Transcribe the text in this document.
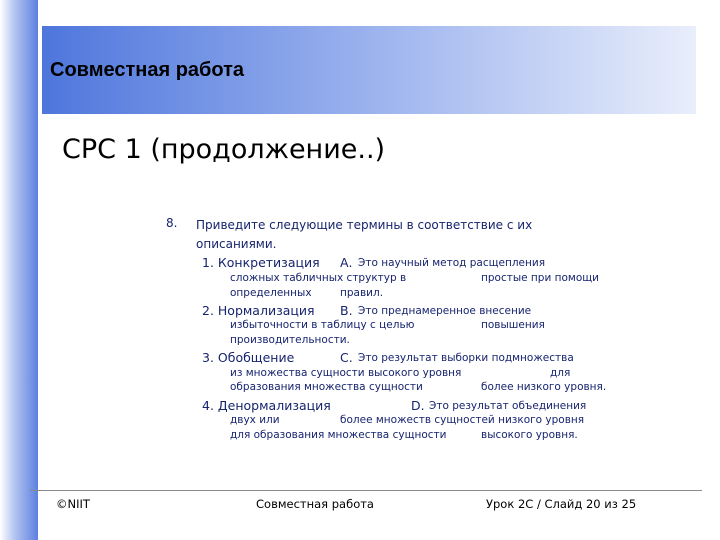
Совместная работа
СРС 1 (продолжение..)
8. Приведите следующие термины в соответствие с их описаниями.
1. Конкретизация А. Это научный метод расщепления
сложных табличных структур в	простые при помощи
определенных	правил.
2. Нормализация В. Это преднамеренное внесение
избыточности в таблицу с целью	повышения
производительности.
3. Обобщение	С. Это результат выборки подмножества
из множества сущности высокого уровня	для
образования множества сущности	более низкого уровня.
4. Денормализация	D. Это результат объединения
двух или	более множеств сущностей низкого уровня
для образования множества сущности	высокого уровня.
©NIIT	Совместная работа	Урок 2С / Слайд 20 из 25
